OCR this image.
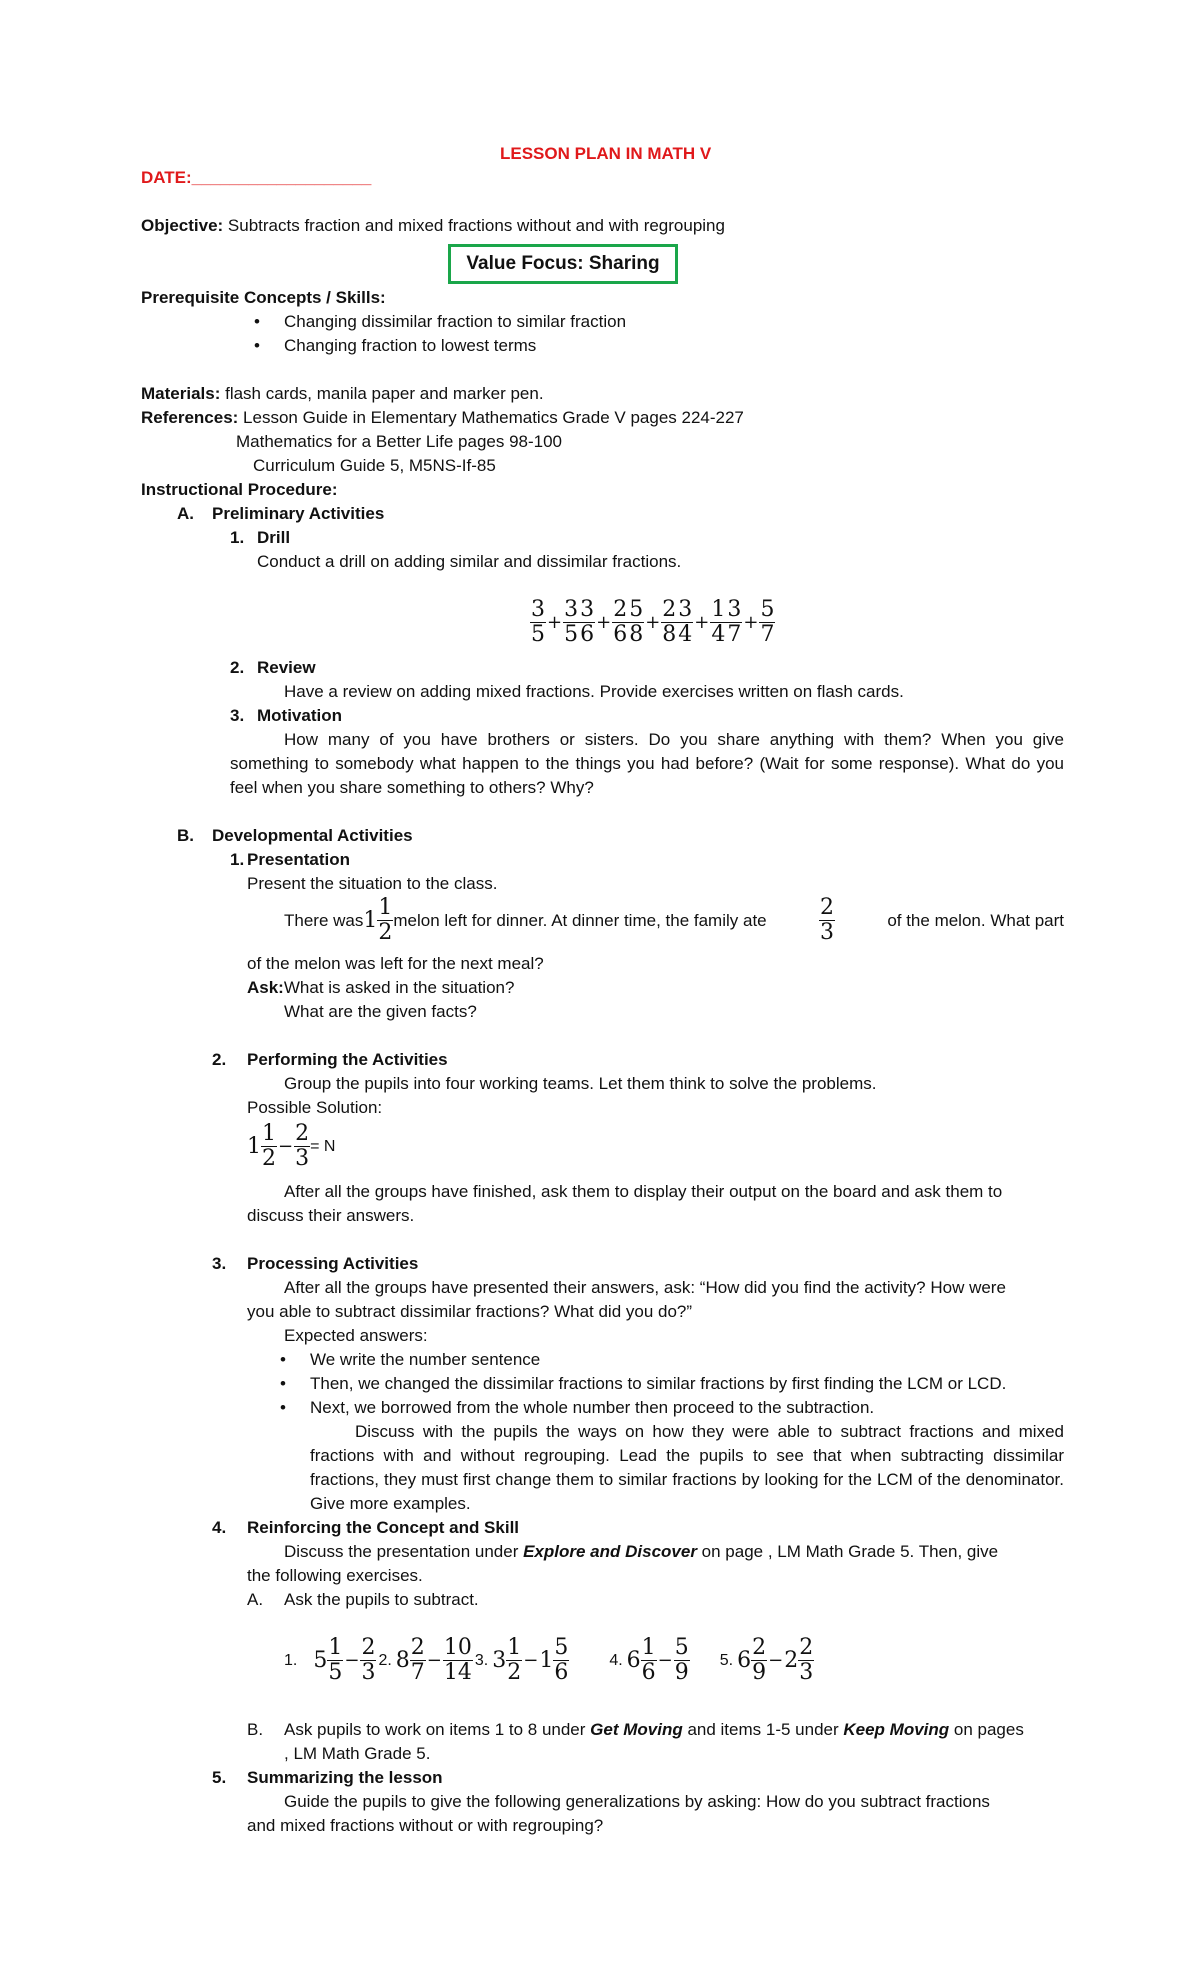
LESSON PLAN IN MATH V
DATE:___________________
Objective: Subtracts fraction and mixed fractions without and with regrouping
Value Focus: Sharing
Prerequisite Concepts / Skills:
• Changing dissimilar fraction to similar fraction
• Changing fraction to lowest terms
Materials: flash cards, manila paper and marker pen.
References: Lesson Guide in Elementary Mathematics Grade V pages 224-227
Mathematics for a Better Life pages 98-100
Curriculum Guide 5, M5NS-If-85
Instructional Procedure:
A. Preliminary Activities
1. Drill
Conduct a drill on adding similar and dissimilar fractions.
$\frac{3}{5} + \frac{3}{5} \frac{3}{6} + \frac{2}{6} \frac{5}{8} + \frac{2}{8} \frac{3}{4} + \frac{1}{4} \frac{3}{7} + \frac{5}{7}$
2. Review
Have a review on adding mixed fractions. Provide exercises written on flash cards.
3. Motivation
How many of you have brothers or sisters. Do you share anything with them? When you give something to somebody what happen to the things you had before? (Wait for some response). What do you feel when you share something to others? Why?
B. Developmental Activities
1. Presentation
Present the situation to the class.
There was $1 \frac{1}{2}$ melon left for dinner. At dinner time, the family ate $\frac{2}{3}$	of the melon. What part
of the melon was left for the next meal?
Ask:What is asked in the situation?
What are the given facts?
2. Performing the Activities
Group the pupils into four working teams. Let them think to solve the problems.
Possible Solution:
$1 \frac{1}{2} - \frac{2}{3} = N$
After all the groups have finished, ask them to display their output on the board and ask them to
discuss their answers.
3. Processing Activities
After all the groups have presented their answers, ask: “How did you find the activity? How were
you able to subtract dissimilar fractions? What did you do?”
Expected answers:
• We write the number sentence
• Then, we changed the dissimilar fractions to similar fractions by first finding the LCM or LCD.
• Next, we borrowed from the whole number then proceed to the subtraction.
Discuss with the pupils the ways on how they were able to subtract fractions and mixed fractions with and without regrouping. Lead the pupils to see that when subtracting dissimilar fractions, they must first change them to similar fractions by looking for the LCM of the denominator. Give more examples.
4. Reinforcing the Concept and Skill
Discuss the presentation under Explore and Discover on page , LM Math Grade 5. Then, give
the following exercises.
A. Ask the pupils to subtract.
1. $5 \frac{1}{5} - \frac{2}{3} 2$. $8 \frac{2}{7} - \frac{10}{14} 3$. $3 \frac{1}{2} - 1 \frac{5}{6}$	4. $6 \frac{1}{6} - \frac{5}{9}$	5. $6 \frac{2}{9} - 2 \frac{2}{3}$
B. Ask pupils to work on items 1 to 8 under Get Moving and items 1-5 under Keep Moving on pages
, LM Math Grade 5.
5. Summarizing the lesson
Guide the pupils to give the following generalizations by asking: How do you subtract fractions
and mixed fractions without or with regrouping?
